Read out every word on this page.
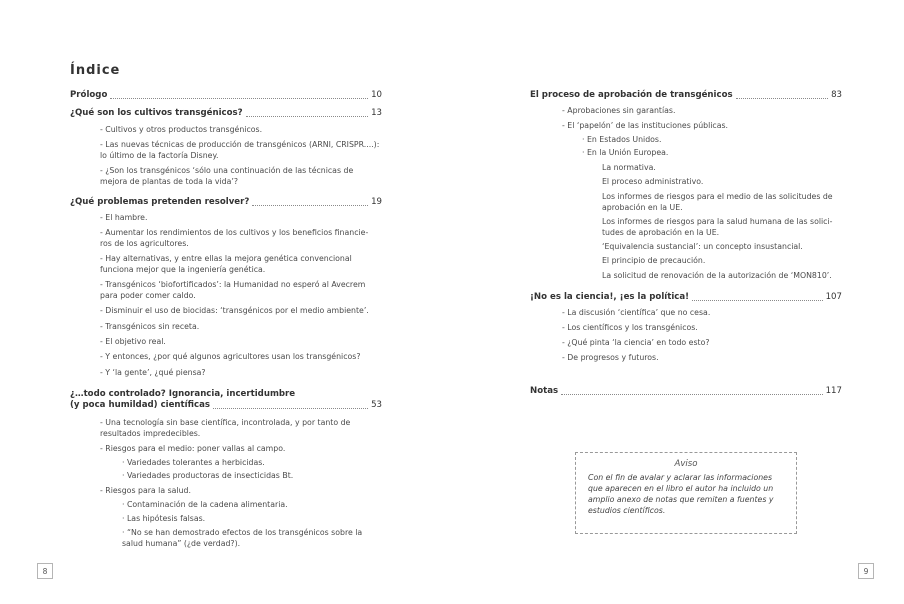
Índice
Prólogo	10
¿Qué son los cultivos transgénicos?	13
- Cultivos y otros productos transgénicos.
- Las nuevas técnicas de producción de transgénicos (ARNI, CRISPR....): lo último de la factoría Disney.
- ¿Son los transgénicos ‘sólo una continuación de las técnicas de mejora de plantas de toda la vida’?
¿Qué problemas pretenden resolver?	19
- El hambre.
- Aumentar los rendimientos de los cultivos y los beneficios financie-ros de los agricultores.
- Hay alternativas, y entre ellas la mejora genética convencional funciona mejor que la ingeniería genética.
- Transgénicos ‘biofortificados’: la Humanidad no esperó al Avecrem para poder comer caldo.
- Disminuir el uso de biocidas: ‘transgénicos por el medio ambiente’.
- Transgénicos sin receta.
- El objetivo real.
- Y entonces, ¿por qué algunos agricultores usan los transgénicos?
- Y ‘la gente’, ¿qué piensa?
¿…todo controlado? Ignorancia, incertidumbre
(y poca humildad) científicas	53
- Una tecnología sin base científica, incontrolada, y por tanto de resultados impredecibles.
- Riesgos para el medio: poner vallas al campo.
· Variedades tolerantes a herbicidas.
· Variedades productoras de insecticidas Bt.
- Riesgos para la salud.
· Contaminación de la cadena alimentaria.
· Las hipótesis falsas.
· “No se han demostrado efectos de los transgénicos sobre la salud humana” (¿de verdad?).
El proceso de aprobación de transgénicos	83
- Aprobaciones sin garantías.
- El ‘papelón’ de las instituciones públicas.
· En Estados Unidos.
· En la Unión Europea.
La normativa.
El proceso administrativo.
Los informes de riesgos para el medio de las solicitudes de aprobación en la UE.
Los informes de riesgos para la salud humana de las solici-tudes de aprobación en la UE.
‘Equivalencia sustancial’: un concepto insustancial.
El principio de precaución.
La solicitud de renovación de la autorización de ‘MON810’.
¡No es la ciencia!, ¡es la política!	107
- La discusión ‘científica’ que no cesa.
- Los científicos y los transgénicos.
- ¿Qué pinta ‘la ciencia’ en todo esto?
- De progresos y futuros.
Notas	117
Aviso
Con el fin de avalar y aclarar las informaciones que aparecen en el libro el autor ha incluido un amplio anexo de notas que remiten a fuentes y estudios científicos.
8	9
